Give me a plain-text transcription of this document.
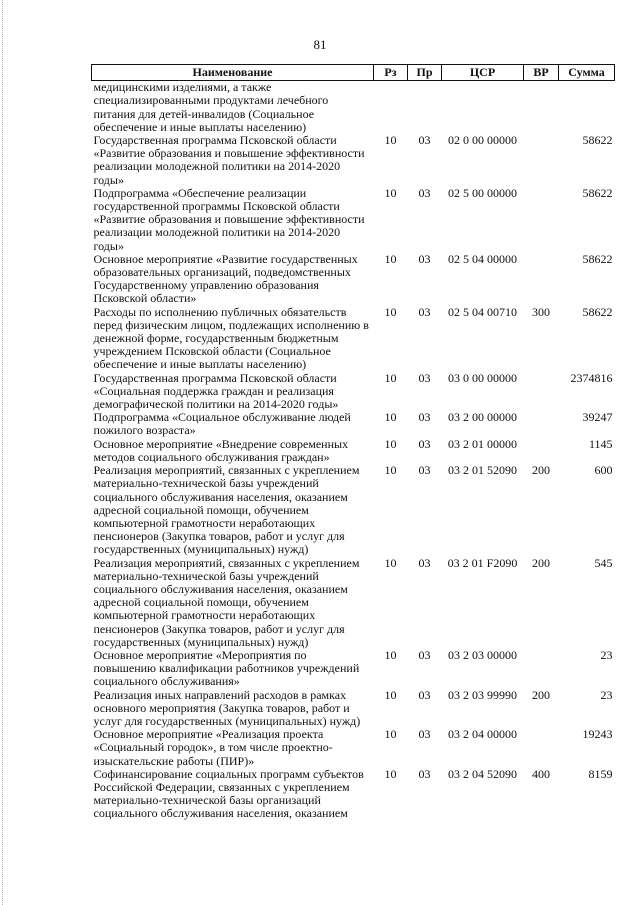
81
Наименование	Рз	Пр	ЦСР	ВР	Сумма
медицинскими изделиями, а также специализированными продуктами лечебного питания для детей-инвалидов (Социальное обеспечение и иные выплаты населению)					
Государственная программа Псковской области «Развитие образования и повышение эффективности реализации молодежной политики на 2014-2020 годы»	10	03	02 0 00 00000		58622
Подпрограмма «Обеспечение реализации государственной программы Псковской области «Развитие образования и повышение эффективности реализации молодежной политики на 2014-2020 годы»	10	03	02 5 00 00000		58622
Основное мероприятие «Развитие государственных образовательных организаций, подведомственных Государственному управлению образования Псковской области»	10	03	02 5 04 00000		58622
Расходы по исполнению публичных обязательств перед физическим лицом, подлежащих исполнению в денежной форме, государственным бюджетным учреждением Псковской области (Социальное обеспечение и иные выплаты населению)	10	03	02 5 04 00710	300	58622
Государственная программа Псковской области «Социальная поддержка граждан и реализация демографической политики на 2014-2020 годы»	10	03	03 0 00 00000		2374816
Подпрограмма «Социальное обслуживание людей пожилого возраста»	10	03	03 2 00 00000		39247
Основное мероприятие «Внедрение современных методов социального обслуживания граждан»	10	03	03 2 01 00000		1145
Реализация мероприятий, связанных с укреплением материально-технической базы учреждений социального обслуживания населения, оказанием адресной социальной помощи, обучением компьютерной грамотности неработающих пенсионеров (Закупка товаров, работ и услуг для государственных (муниципальных) нужд)	10	03	03 2 01 52090	200	600
Реализация мероприятий, связанных с укреплением материально-технической базы учреждений социального обслуживания населения, оказанием адресной социальной помощи, обучением компьютерной грамотности неработающих пенсионеров (Закупка товаров, работ и услуг для государственных (муниципальных) нужд)	10	03	03 2 01 F2090	200	545
Основное мероприятие «Мероприятия по повышению квалификации работников учреждений социального обслуживания»	10	03	03 2 03 00000		23
Реализация иных направлений расходов в рамках основного мероприятия (Закупка товаров, работ и услуг для государственных (муниципальных) нужд)	10	03	03 2 03 99990	200	23
Основное мероприятие «Реализация проекта «Социальный городок», в том числе проектно-изыскательские работы (ПИР)»	10	03	03 2 04 00000		19243
Софинансирование социальных программ субъектов Российской Федерации, связанных с укреплением материально-технической базы организаций социального обслуживания населения, оказанием	10	03	03 2 04 52090	400	8159
